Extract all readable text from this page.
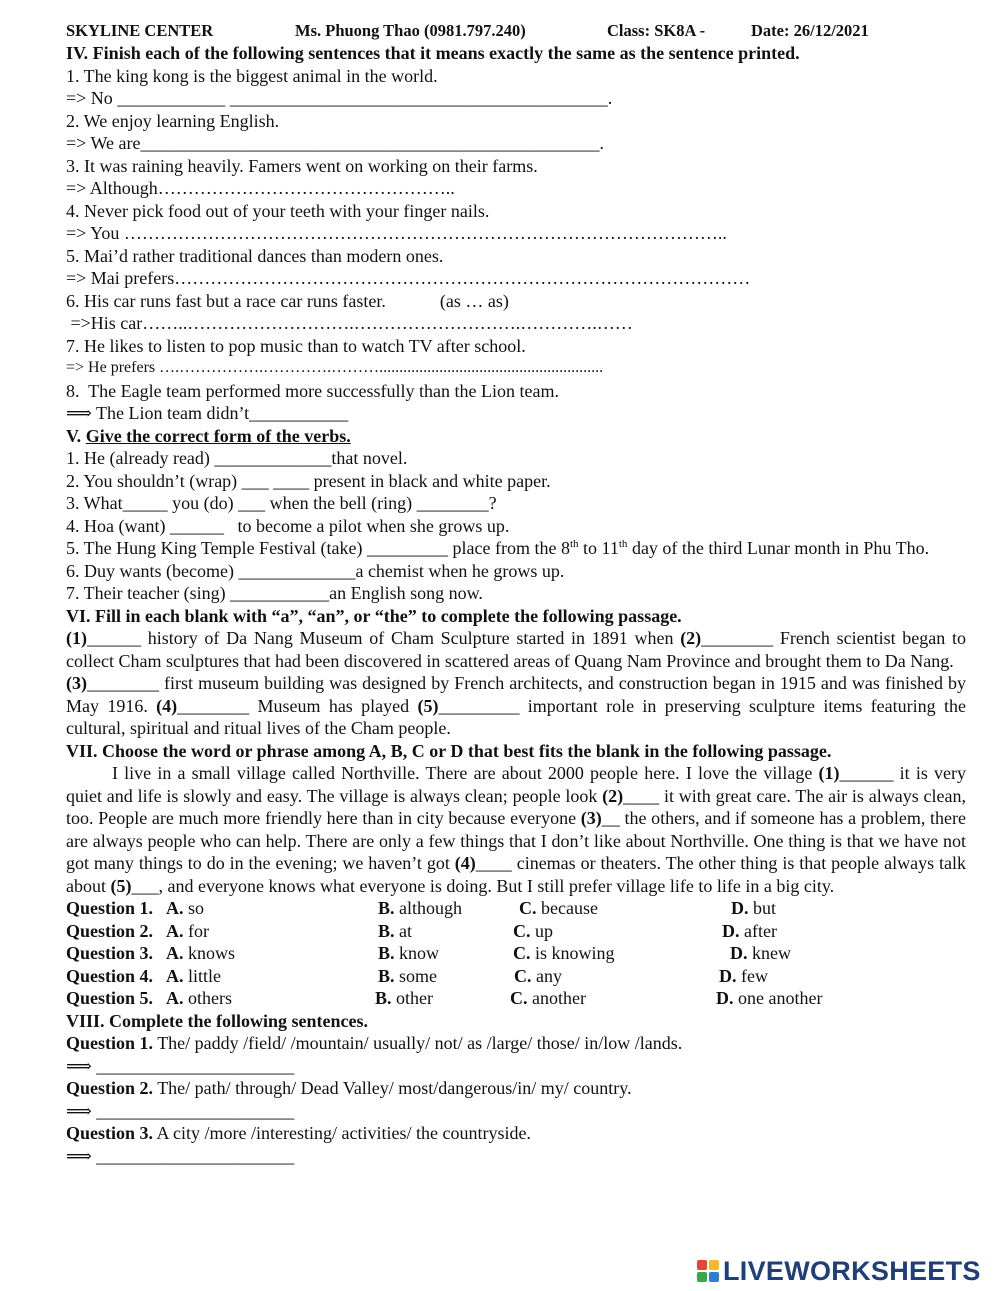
SKYLINE CENTER	Ms. Phuong Thao (0981.797.240)	Class: SK8A -	Date: 26/12/2021
IV. Finish each of the following sentences that it means exactly the same as the sentence printed.
1. The king kong is the biggest animal in the world.
=> No ____________ __________________________________________.
2. We enjoy learning English.
=> We are___________________________________________________.
3. It was raining heavily. Famers went on working on their farms.
=> Although…………………………………………..
4. Never pick food out of your teeth with your finger nails.
=> You ………………………………………………………………………………………..
5. Mai’d rather traditional dances than modern ones.
=> Mai prefers……………………………………………………………………………………
6. His car runs fast but a race car runs faster.            (as … as)
=>His car……..……………………….……………………….………….……
7. He likes to listen to pop music than to watch TV after school.
=> He prefers ….…………….………….………........................................................
8.  The Eagle team performed more successfully than the Lion team.
⟹ The Lion team didn’t___________
V. Give the correct form of the verbs.
1. He (already read) _____________that novel.
2. You shouldn’t (wrap) ___ ____ present in black and white paper.
3. What_____ you (do) ___ when the bell (ring) ________?
4. Hoa (want) ______   to become a pilot when she grows up.
5. The Hung King Temple Festival (take) _________ place from the 8th to 11th day of the third Lunar month in Phu Tho.
6. Duy wants (become) _____________a chemist when he grows up.
7. Their teacher (sing) ___________an English song now.
VI. Fill in each blank with “a”, “an”, or “the” to complete the following passage.
(1)______ history of Da Nang Museum of Cham Sculpture started in 1891 when (2)________ French scientist began to collect Cham sculptures that had been discovered in scattered areas of Quang Nam Province and brought them to Da Nang.
(3)________ first museum building was designed by French architects, and construction began in 1915 and was finished by May 1916. (4)________ Museum has played (5)_________ important role in preserving sculpture items featuring the cultural, spiritual and ritual lives of the Cham people.
VII. Choose the word or phrase among A, B, C or D that best fits the blank in the following passage.
I live in a small village called Northville. There are about 2000 people here. I love the village (1)______ it is very quiet and life is slowly and easy. The village is always clean; people look (2)____ it with great care. The air is always clean, too. People are much more friendly here than in city because everyone (3)__ the others, and if someone has a problem, there are always people who can help. There are only a few things that I don’t like about Northville. One thing is that we have not got many things to do in the evening; we haven’t got (4)____ cinemas or theaters. The other thing is that people always talk about (5)___, and everyone knows what everyone is doing. But I still prefer village life to life in a big city.
Question 1. A. so	B. although	C. because	D. but
Question 2. A. for	B. at	C. up	D. after
Question 3. A. knows	B. know	C. is knowing	D. knew
Question 4. A. little	B. some	C. any	D. few
Question 5. A. others	B. other	C. another	D. one another
VIII. Complete the following sentences.
Question 1. The/ paddy /field/ /mountain/ usually/ not/ as /large/ those/ in/low /lands.
⟹ ______________________
Question 2. The/ path/ through/ Dead Valley/ most/dangerous/in/ my/ country.
⟹ ______________________
Question 3. A city /more /interesting/ activities/ the countryside.
⟹ ______________________
LIVEWORKSHEETS
